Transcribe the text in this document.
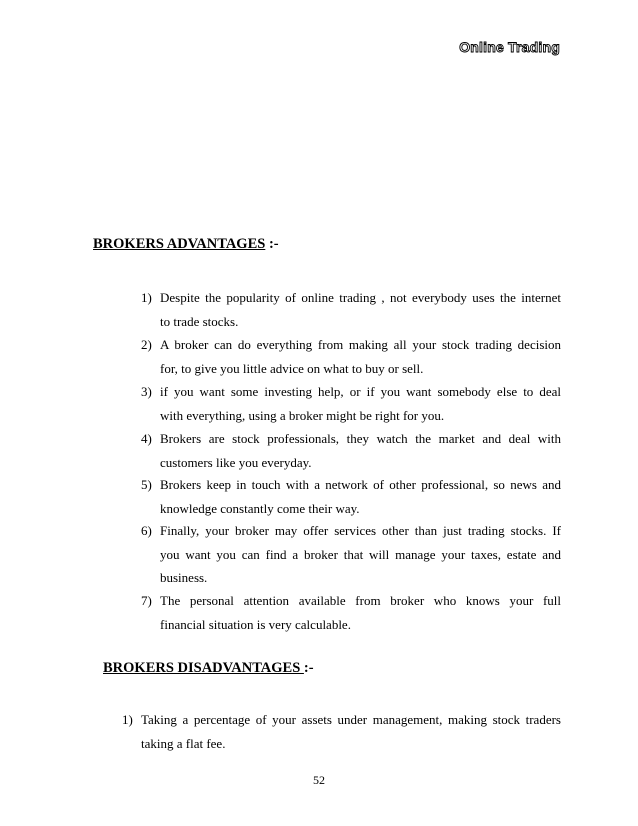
Online Trading
BROKERS ADVANTAGES :-
1) Despite the popularity of online trading , not everybody uses the internet
to trade stocks.
2) A broker can do everything from making all your stock trading decision
for, to give you little advice on what to buy or sell.
3) if you want some investing help, or if you want somebody else to deal
with everything, using a broker might be right for you.
4) Brokers are stock professionals, they watch the market and deal with
customers like you everyday.
5) Brokers keep in touch with a network of other professional, so news and
knowledge constantly come their way.
6) Finally, your broker may offer services other than just trading stocks. If
you want you can find a broker that will manage your taxes, estate and
business.
7) The personal attention available from broker who knows your full
financial situation is very calculable.
BROKERS DISADVANTAGES :-
1) Taking a percentage of your assets under management, making stock traders
taking a flat fee.
52
